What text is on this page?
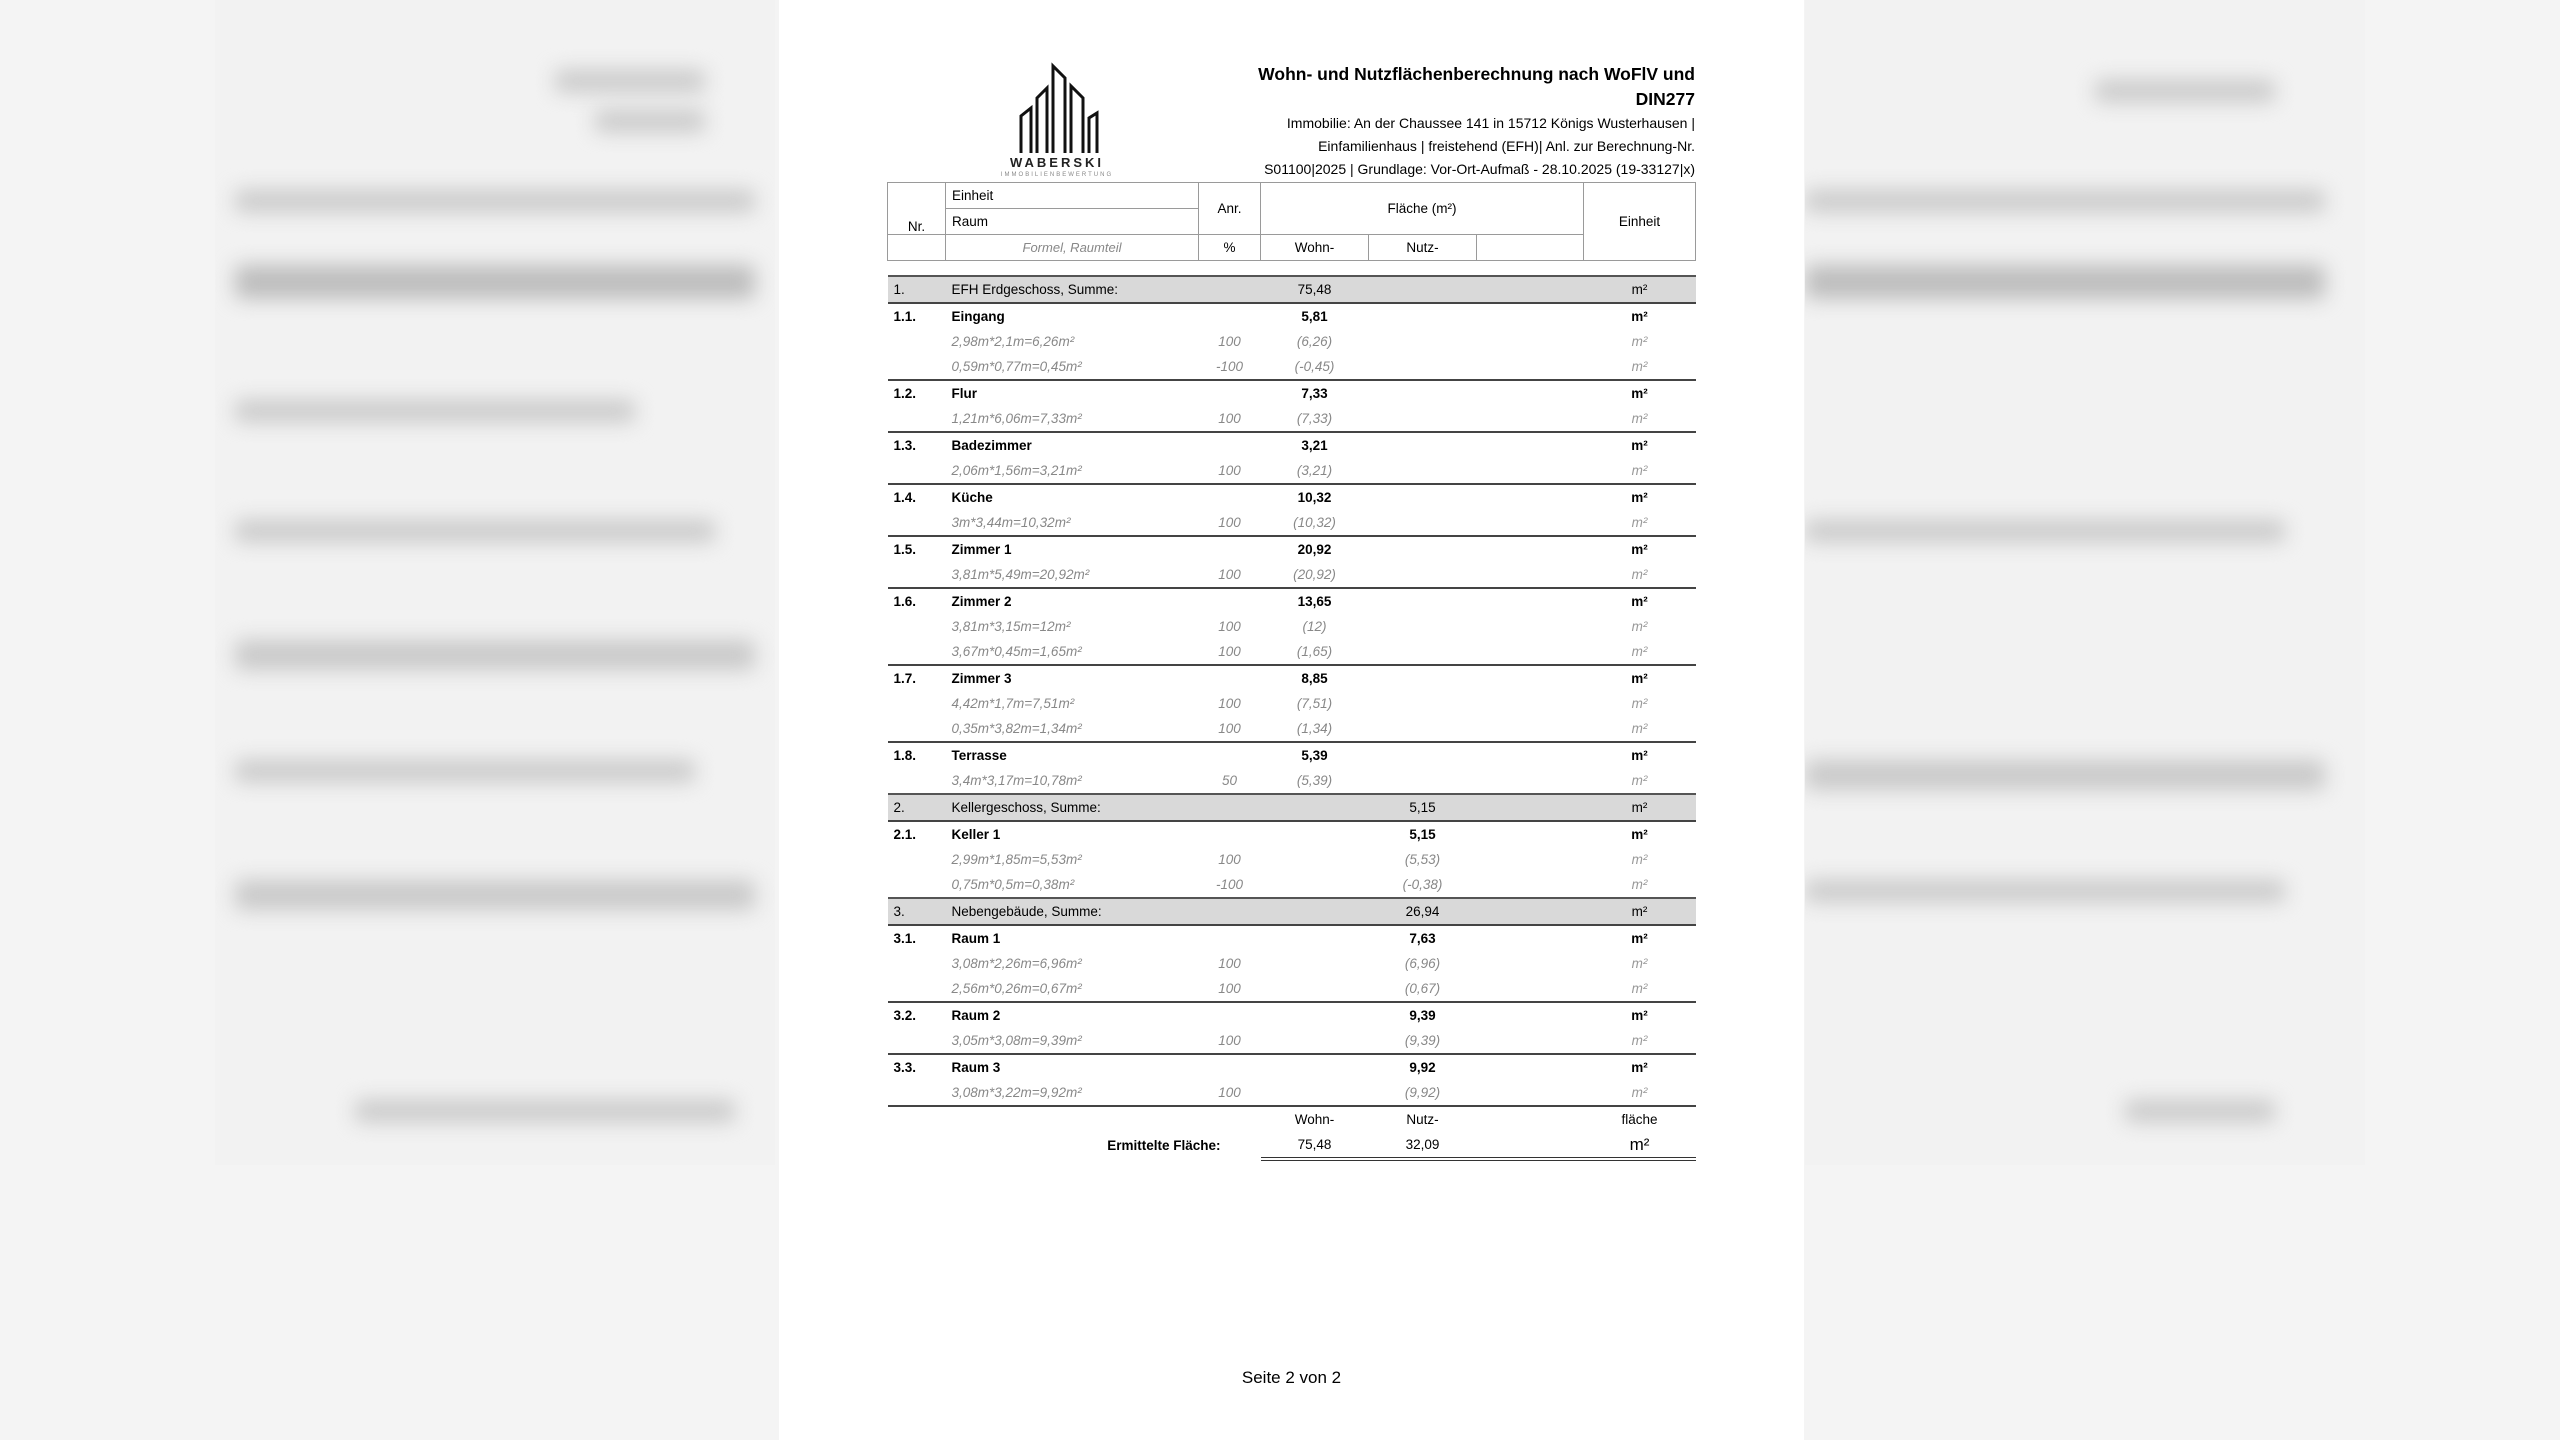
WABERSKI
IMMOBILIENBEWERTUNG
Wohn- und Nutzflächenberechnung nach WoFlV und
DIN277
Immobilie: An der Chaussee 141 in 15712 Königs Wusterhausen |
Einfamilienhaus | freistehend (EFH)| Anl. zur Berechnung-Nr.
S01100|2025 | Grundlage: Vor-Ort-Aufmaß - 28.10.2025 (19-33127|x)
Nr.	Einheit	Anr.	Fläche (m²)			Einheit
	Raum					
	Formel, Raumteil	%	Wohn-	Nutz-		

1.	EFH Erdgeschoss, Summe:		75,48			m²
1.1.	Eingang		5,81			m²
	2,98m*2,1m=6,26m²	100	(6,26)			m²
	0,59m*0,77m=0,45m²	-100	(-0,45)			m²
1.2.	Flur		7,33			m²
	1,21m*6,06m=7,33m²	100	(7,33)			m²
1.3.	Badezimmer		3,21			m²
	2,06m*1,56m=3,21m²	100	(3,21)			m²
1.4.	Küche		10,32			m²
	3m*3,44m=10,32m²	100	(10,32)			m²
1.5.	Zimmer 1		20,92			m²
	3,81m*5,49m=20,92m²	100	(20,92)			m²
1.6.	Zimmer 2		13,65			m²
	3,81m*3,15m=12m²	100	(12)			m²
	3,67m*0,45m=1,65m²	100	(1,65)			m²
1.7.	Zimmer 3		8,85			m²
	4,42m*1,7m=7,51m²	100	(7,51)			m²
	0,35m*3,82m=1,34m²	100	(1,34)			m²
1.8.	Terrasse		5,39			m²
	3,4m*3,17m=10,78m²	50	(5,39)			m²
2.	Kellergeschoss, Summe:			5,15		m²
2.1.	Keller 1			5,15		m²
	2,99m*1,85m=5,53m²	100		(5,53)		m²
	0,75m*0,5m=0,38m²	-100		(-0,38)		m²
3.	Nebengebäude, Summe:			26,94		m²
3.1.	Raum 1			7,63		m²
	3,08m*2,26m=6,96m²	100		(6,96)		m²
	2,56m*0,26m=0,67m²	100		(0,67)		m²
3.2.	Raum 2			9,39		m²
	3,05m*3,08m=9,39m²	100		(9,39)		m²
3.3.	Raum 3			9,92		m²
	3,08m*3,22m=9,92m²	100		(9,92)		m²
			Wohn-	Nutz-		fläche
Ermittelte Fläche:			75,48	32,09		m²
Seite 2 von 2
